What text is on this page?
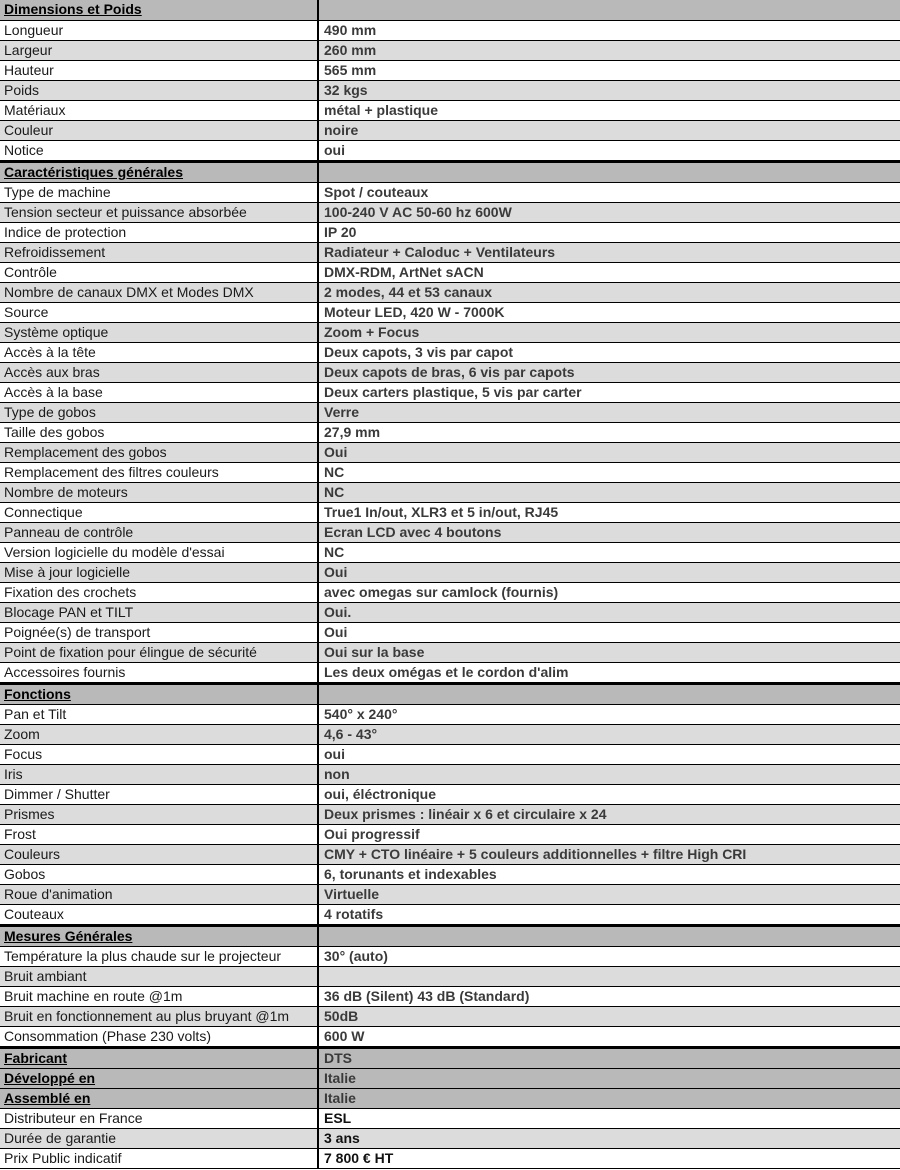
Dimensions et Poids	
Longueur	490 mm
Largeur	260 mm
Hauteur	565 mm
Poids	32 kgs
Matériaux	métal + plastique
Couleur	noire
Notice	oui
Caractéristiques générales	
Type de machine	Spot / couteaux
Tension secteur et puissance absorbée	100-240 V AC 50-60 hz 600W
Indice de protection	IP 20
Refroidissement	Radiateur + Caloduc + Ventilateurs
Contrôle	DMX-RDM, ArtNet sACN
Nombre de canaux DMX et Modes DMX	2 modes, 44 et 53 canaux
Source	Moteur LED, 420 W - 7000K
Système optique	Zoom + Focus
Accès à la tête	Deux capots, 3 vis par capot
Accès aux bras	Deux capots de bras, 6 vis par capots
Accès à la base	Deux carters plastique, 5 vis par carter
Type de gobos	Verre
Taille des gobos	27,9 mm
Remplacement des gobos	Oui
Remplacement des filtres couleurs	NC
Nombre de moteurs	NC
Connectique	True1 In/out, XLR3 et 5 in/out, RJ45
Panneau de contrôle	Ecran LCD avec 4 boutons
Version logicielle du modèle d'essai	NC
Mise à jour logicielle	Oui
Fixation des crochets	avec omegas sur camlock (fournis)
Blocage PAN et TILT	Oui.
Poignée(s) de transport	Oui
Point de fixation pour élingue de sécurité	Oui sur la base
Accessoires fournis	Les deux omégas et le cordon d'alim
Fonctions	
Pan et Tilt	540° x 240°
Zoom	4,6 - 43°
Focus	oui
Iris	non
Dimmer / Shutter	oui, éléctronique
Prismes	Deux prismes : linéair x 6 et circulaire x 24
Frost	Oui progressif
Couleurs	CMY + CTO linéaire + 5 couleurs additionnelles + filtre High CRI
Gobos	6, torunants et indexables
Roue d'animation	Virtuelle
Couteaux	4 rotatifs
Mesures Générales	
Température la plus chaude sur le projecteur	30° (auto)
Bruit ambiant	
Bruit machine en route @1m	36 dB (Silent) 43 dB (Standard)
Bruit en fonctionnement au plus bruyant @1m	50dB
Consommation (Phase 230 volts)	600 W
Fabricant	DTS
Développé en	Italie
Assemblé en	Italie
Distributeur en France	ESL
Durée de garantie	3 ans
Prix Public indicatif	7 800 € HT
